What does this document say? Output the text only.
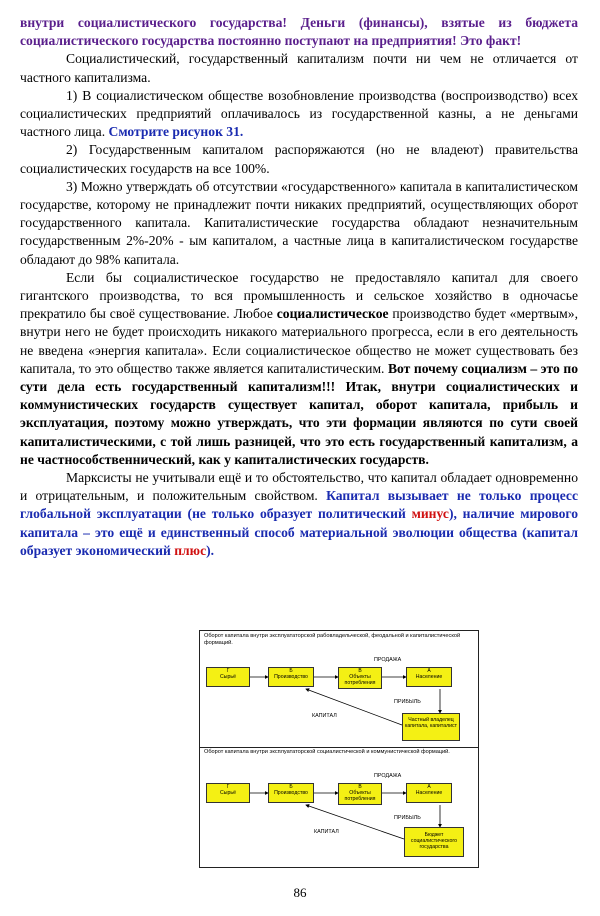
внутри социалистического государства! Деньги (финансы), взятые из бюджета социалистического государства постоянно поступают на предприятия! Это факт!

Социалистический, государственный капитализм почти ни чем не отличается от частного капитализма.

1) В социалистическом обществе возобновление производства (воспроизводство) всех социалистических предприятий оплачивалось из государственной казны, а не деньгами частного лица. Смотрите рисунок 31.

2) Государственным капиталом распоряжаются (но не владеют) правительства социалистических государств на все 100%.

3) Можно утверждать об отсутствии «государственного» капитала в капиталистическом государстве, которому не принадлежит почти никаких предприятий, осуществляющих оборот государственного капитала. Капиталистические государства обладают незначительным государственным 2%-20% - ым капиталом, а частные лица в капиталистическом государстве обладают до 98% капитала.

Если бы социалистическое государство не предоставляло капитал для своего гигантского производства, то вся промышленность и сельское хозяйство в одночасье прекратило бы своё существование. Любое социалистическое производство будет «мертвым», внутри него не будет происходить никакого материального прогресса, если в его деятельность не введена «энергия капитала». Если социалистическое общество не может существовать без капитала, то это общество также является капиталистическим. Вот почему социализм – это по сути дела есть государственный капитализм!!! Итак, внутри социалистических и коммунистических государств существует капитал, оборот капитала, прибыль и эксплуатация, поэтому можно утверждать, что эти формации являются по сути своей капиталистическими, с той лишь разницей, что это есть государственный капитализм, а не частнособственнический, как у капиталистических государств.

Марксисты не учитывали ещё и то обстоятельство, что капитал обладает одновременно и отрицательным, и положительным свойством. Капитал вызывает не только процесс глобальной эксплуатации (не только образует политический минус), наличие мирового капитала – это ещё и единственный способ материальной эволюции общества (капитал образует экономический плюс).

Оборот капитала внутри эксплуататорской рабовладельческой, феодальной и капиталистической формаций.
Г
Сырьё
Б
Производство
В
Объекты потребления
А
Население
Частный владелец капитала, капиталист
ПРОДАЖА
ПРИБЫЛЬ
КАПИТАЛ
Оборот капитала внутри эксплуататорской социалистической и коммунистической формаций.
Г
Сырьё
Б
Производство
В
Объекты потребления
А
Население
Бюджет социалистического государства
ПРОДАЖА
ПРИБЫЛЬ
КАПИТАЛ
86
